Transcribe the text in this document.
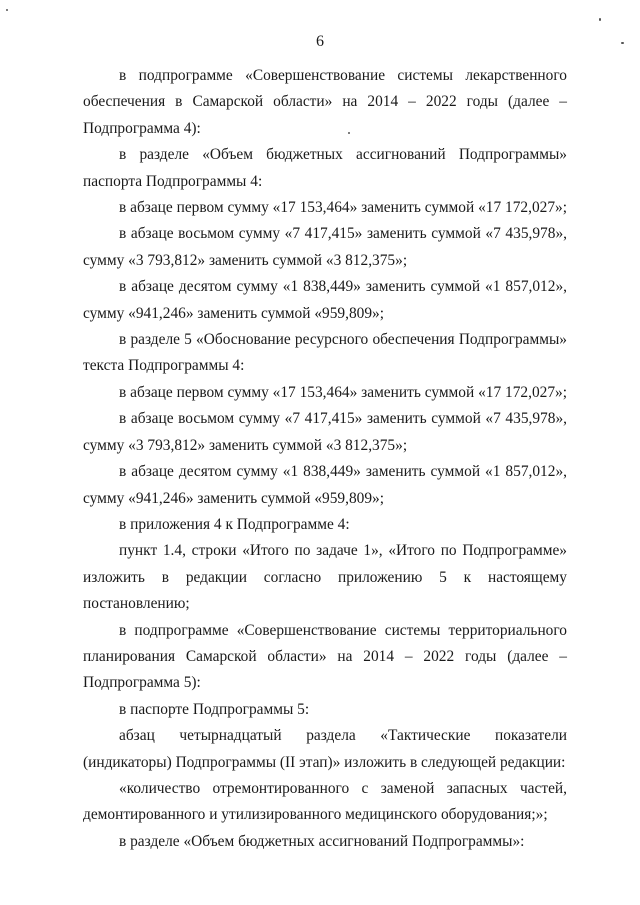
6

в подпрограмме «Совершенствование системы лекарственного обеспечения в Самарской области» на 2014 – 2022 годы (далее – Подпрограмма 4):

в разделе «Объем бюджетных ассигнований Подпрограммы» паспорта Подпрограммы 4:

в абзаце первом сумму «17 153,464» заменить суммой «17 172,027»;

в абзаце восьмом сумму «7 417,415» заменить суммой «7 435,978», сумму «3 793,812» заменить суммой «3 812,375»;

в абзаце десятом сумму «1 838,449» заменить суммой «1 857,012», сумму «941,246» заменить суммой «959,809»;

в разделе 5 «Обоснование ресурсного обеспечения Подпрограммы» текста Подпрограммы 4:

в абзаце первом сумму «17 153,464» заменить суммой «17 172,027»;

в абзаце восьмом сумму «7 417,415» заменить суммой «7 435,978», сумму «3 793,812» заменить суммой «3 812,375»;

в абзаце десятом сумму «1 838,449» заменить суммой «1 857,012», сумму «941,246» заменить суммой «959,809»;

в приложения 4 к Подпрограмме 4:

пункт 1.4, строки «Итого по задаче 1», «Итого по Подпрограмме» изложить в редакции согласно приложению 5 к настоящему постановлению;

в подпрограмме «Совершенствование системы территориального планирования Самарской области» на 2014 – 2022 годы (далее – Подпрограмма 5):

в паспорте Подпрограммы 5:

абзац четырнадцатый раздела «Тактические показатели (индикаторы) Подпрограммы (II этап)» изложить в следующей редакции:

«количество отремонтированного с заменой запасных частей, демонтированного и утилизированного медицинского оборудования;»;

в разделе «Объем бюджетных ассигнований Подпрограммы»:
